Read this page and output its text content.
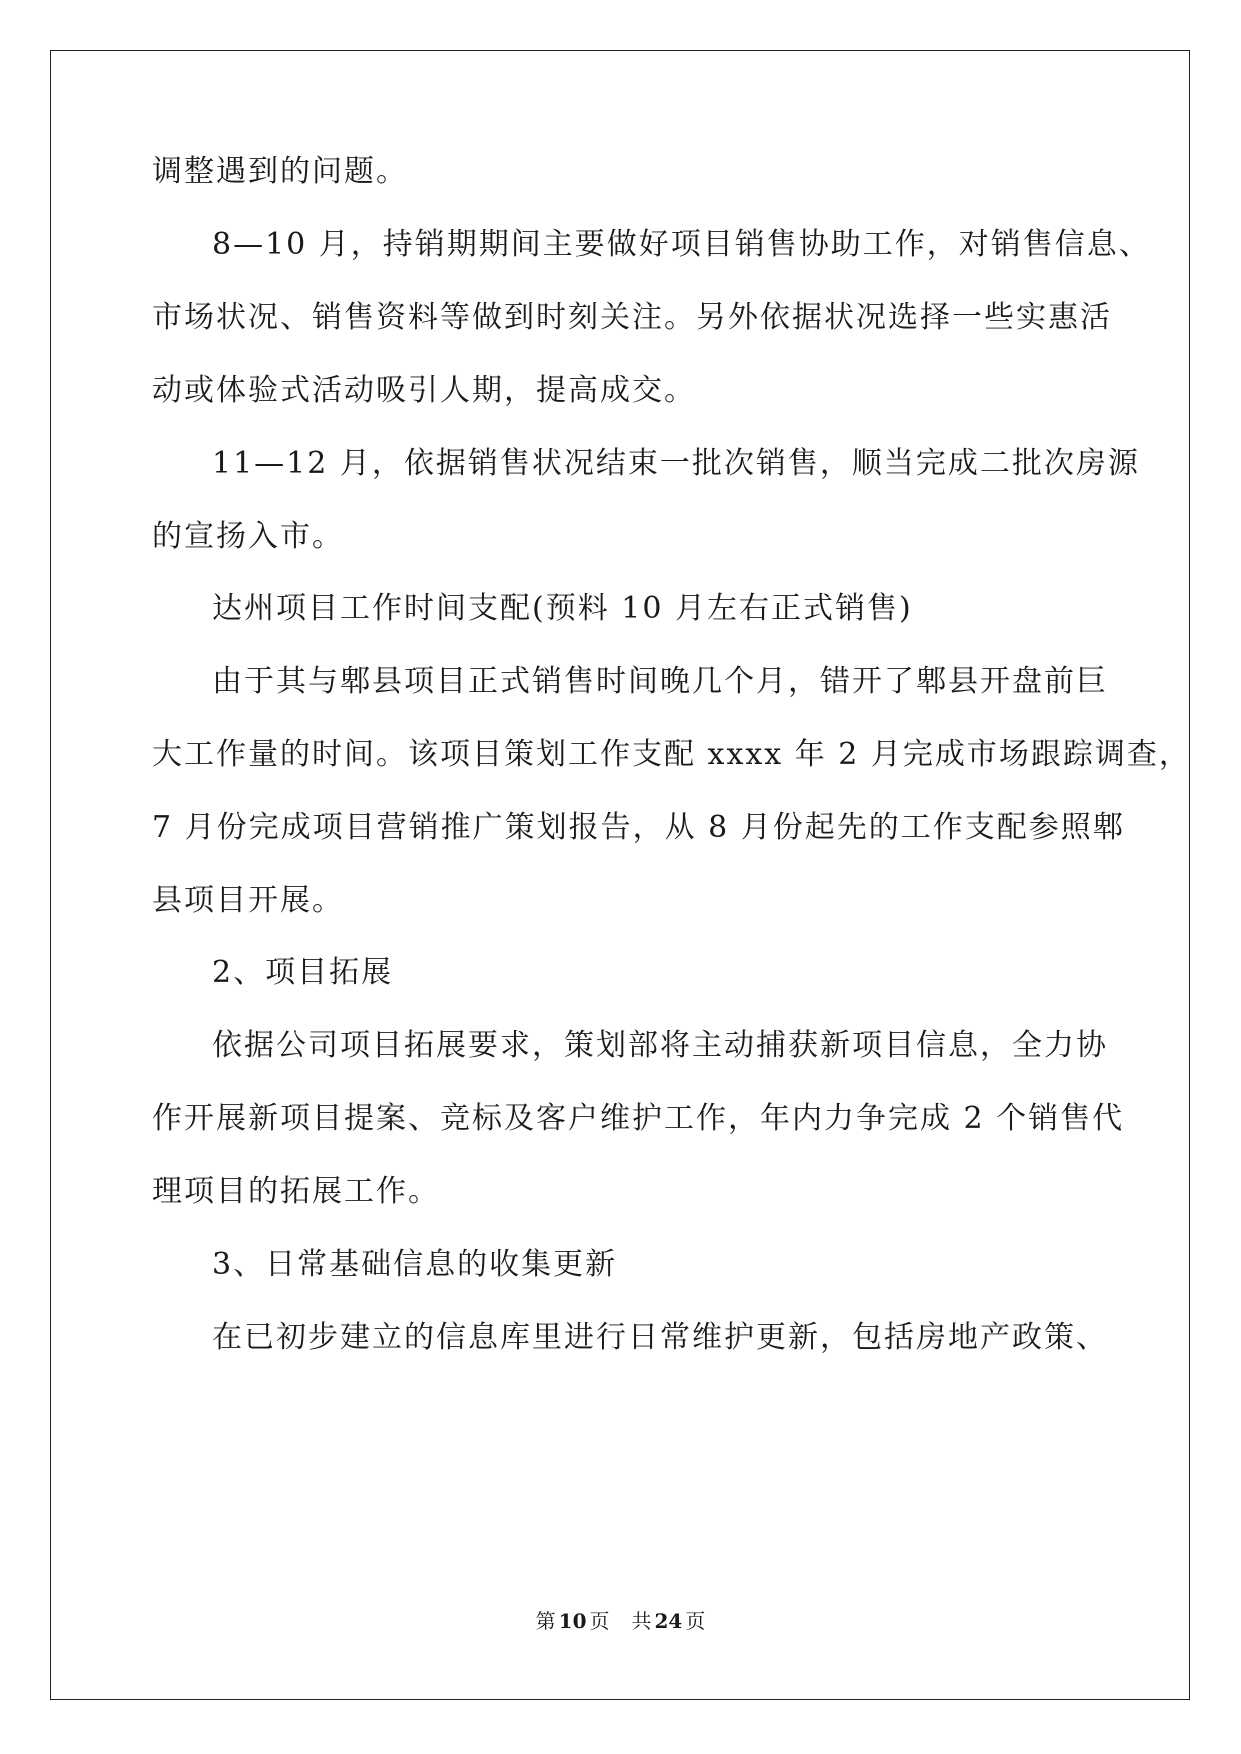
调整遇到的问题。
8—10 月，持销期期间主要做好项目销售协助工作，对销售信息、
市场状况、销售资料等做到时刻关注。另外依据状况选择一些实惠活
动或体验式活动吸引人期，提高成交。
11—12 月，依据销售状况结束一批次销售，顺当完成二批次房源
的宣扬入市。
达州项目工作时间支配(预料 10 月左右正式销售)
由于其与郫县项目正式销售时间晚几个月，错开了郫县开盘前巨
大工作量的时间。该项目策划工作支配 xxxx 年 2 月完成市场跟踪调查，
7 月份完成项目营销推广策划报告，从 8 月份起先的工作支配参照郫
县项目开展。
2、项目拓展
依据公司项目拓展要求，策划部将主动捕获新项目信息，全力协
作开展新项目提案、竞标及客户维护工作，年内力争完成 2 个销售代
理项目的拓展工作。
3、日常基础信息的收集更新
在已初步建立的信息库里进行日常维护更新，包括房地产政策、
第 10 页 共 24 页
